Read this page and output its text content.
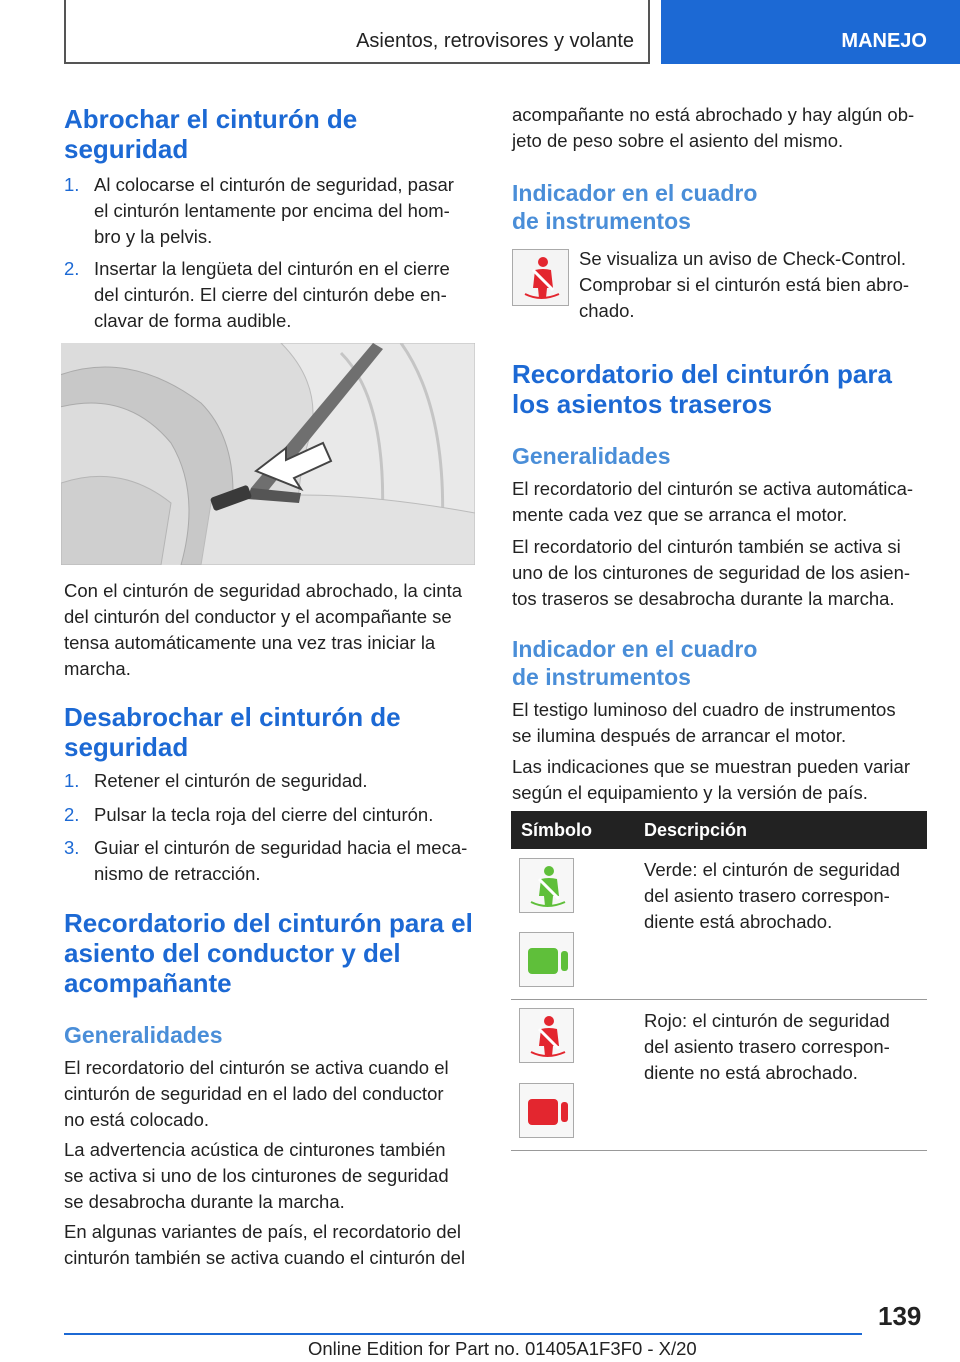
Asientos, retrovisores y volante	MANEJO
Abrochar el cinturón de
seguridad
1. Al colocarse el cinturón de seguridad, pasar
el cinturón lentamente por encima del hom‐
bro y la pelvis.
2. Insertar la lengüeta del cinturón en el cierre
del cinturón. El cierre del cinturón debe en‐
clavar de forma audible.
Con el cinturón de seguridad abrochado, la cinta
del cinturón del conductor y el acompañante se
tensa automáticamente una vez tras iniciar la
marcha.
Desabrochar el cinturón de
seguridad
1. Retener el cinturón de seguridad.
2. Pulsar la tecla roja del cierre del cinturón.
3. Guiar el cinturón de seguridad hacia el meca‐
nismo de retracción.
Recordatorio del cinturón para el
asiento del conductor y del
acompañante
Generalidades
El recordatorio del cinturón se activa cuando el
cinturón de seguridad en el lado del conductor
no está colocado.
La advertencia acústica de cinturones también
se activa si uno de los cinturones de seguridad
se desabrocha durante la marcha.
En algunas variantes de país, el recordatorio del
cinturón también se activa cuando el cinturón del
acompañante no está abrochado y hay algún ob‐
jeto de peso sobre el asiento del mismo.
Indicador en el cuadro
de instrumentos
Se visualiza un aviso de Check-Control.
Comprobar si el cinturón está bien abro‐
chado.
Recordatorio del cinturón para
los asientos traseros
Generalidades
El recordatorio del cinturón se activa automática‐
mente cada vez que se arranca el motor.
El recordatorio del cinturón también se activa si
uno de los cinturones de seguridad de los asien‐
tos traseros se desabrocha durante la marcha.
Indicador en el cuadro
de instrumentos
El testigo luminoso del cuadro de instrumentos
se ilumina después de arrancar el motor.
Las indicaciones que se muestran pueden variar
según el equipamiento y la versión de país.
Símbolo	Descripción
Verde: el cinturón de seguridad
del asiento trasero correspon‐
diente está abrochado.
Rojo: el cinturón de seguridad
del asiento trasero correspon‐
diente no está abrochado.
139
Online Edition for Part no. 01405A1F3F0 - X/20
